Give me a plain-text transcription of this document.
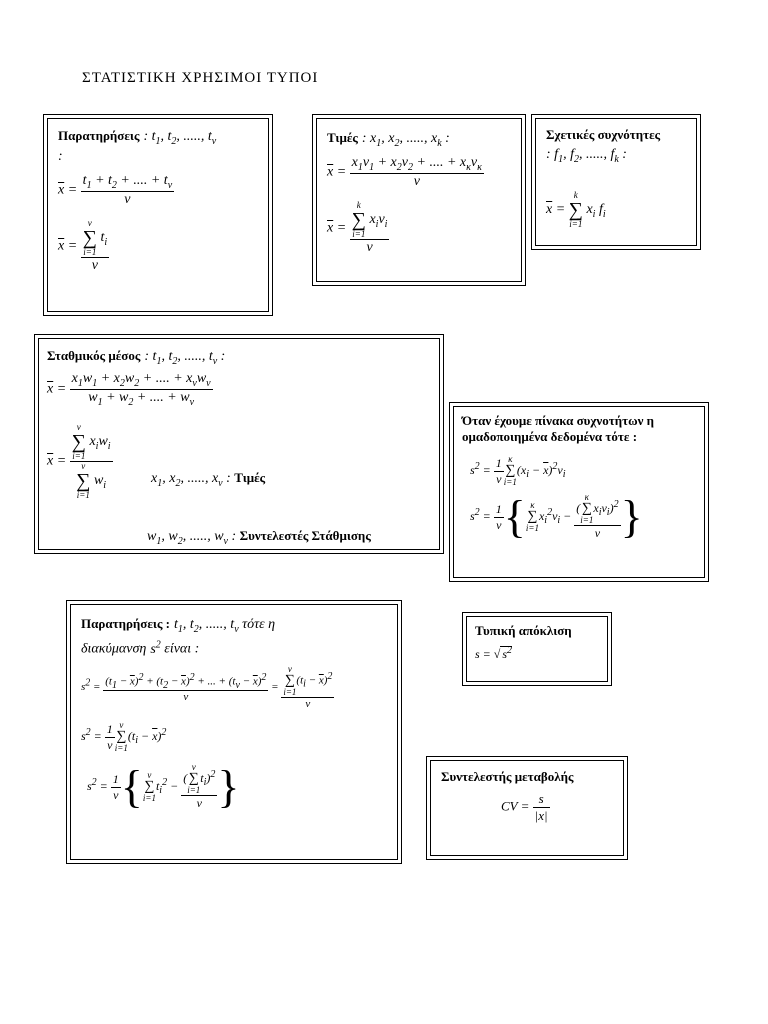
ΣΤΑΤΙΣΤΙΚΗ ΧΡΗΣΙΜΟΙ ΤΥΠΟΙ
Παρατηρήσεις : $t_1$, $t_2$, ....., $t_\nu$
:
$\overline{x} = \frac{t_1 + t_2 + .... + t_\nu}{\nu}$
$\overline{x} = \nu$
∑
i=1
$t_i$
ν
Τιμές : $x_1$, $x_2$, ....., $x_k$ :
$\overline{x} = \frac{x_1\nu_1 + x_2\nu_2 + .... + x_\kappa\nu_\kappa}{\nu}$
$\overline{x} = k$
∑
i=1
$x_i\nu_i$
ν
Σχετικές συχνότητες
: $f_1$, $f_2$, ....., $f_k$ :
$\overline{x}$ =
k
∑
i=1
$x_i$ $f_i$
Σταθμικός μέσος : $t_1$, $t_2$, ....., $t_\nu$ :
$\overline{x} = \frac{x_1w_1 + x_2w_2 + .... + x_\nu w_\nu}{w_1 + w_2 + .... + w_\nu}$
$\overline{x} = \nu$
∑
i=1
$x_iw_i$
ν
∑
i=1
$w_i$	$x_1$, $x_2$, ....., $x_\nu$ : Τιμές
$w_1$, $w_2$, ....., $w_\nu$ : Συντελεστές Στάθμισης
Όταν έχουμε πίνακα συχνοτήτων η ομαδοποιημένα δεδομένα τότε :
$s^2 = \frac{1}{\nu}$ κ
∑
i=1
$(x_i - \overline{x})^2\nu_i$
$s^2 = \frac{1}{\nu}$ { κ
∑
i=1
$x_i^2\nu_i$ − (
κ
∑
i=1
$x_i\nu_i)^2$
ν }
Παρατηρήσεις : $t_1$, $t_2$, ....., $t_\nu$ τότε η
διακύμανση $s^2$ είναι :
$s^2 = \frac{(t_1 - \overline{x})^2 + (t_2 - \overline{x})^2 + ... + (t_\nu - \overline{x})^2}{\nu} = \nu$
∑
i=1
$(t_i - \overline{x})^2$
ν
$s^2 = \frac{1}{\nu}$ ν
∑
i=1
$(t_i - \overline{x})^2$
$s^2 = \frac{1}{\nu}$ { ν
∑
i=1
$t_i^2$ − (
ν
∑
i=1
$t_i)^2$
ν }
Τυπική απόκλιση
s = √ $s^2$
Συντελεστής μεταβολής
CV = $\frac{s}{|\overline{x}|}$
